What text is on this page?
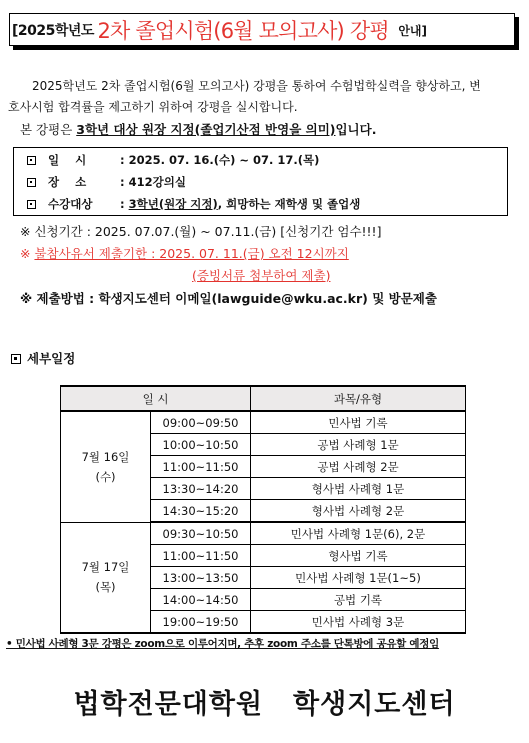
[2025학년도 2차 졸업시험(6월 모의고사) 강평 안내]
2025학년도 2차 졸업시험(6월 모의고사) 강평을 통하여 수험법학실력을 향상하고, 변
호사시험 합격률을 제고하기 위하여 강평을 실시합니다.
본 강평은 3학년 대상 원장 지정(졸업기산점 반영을 의미)입니다.
일 시 : 2025. 07. 16.(수) ~ 07. 17.(목)
장 소 : 412강의실
수강대상 : 3학년(원장 지정), 희망하는 재학생 및 졸업생
※ 신청기간 : 2025. 07.07.(월) ~ 07.11.(금) [신청기간 엄수!!!]
※ 불참사유서 제출기한 : 2025. 07. 11.(금) 오전 12시까지
(증빙서류 첨부하여 제출)
※ 제출방법 : 학생지도센터 이메일(lawguide@wku.ac.kr) 및 방문제출
세부일정
일 시		과목/유형

7월 16일
(수)	09:00~09:50	민사법 기록
	10:00~10:50	공법 사례형 1문
	11:00~11:50	공법 사례형 2문
	13:30~14:20	형사법 사례형 1문
	14:30~15:20	형사법 사례형 2문

7월 17일
(목)	09:30~10:50	민사법 사례형 1문(6), 2문
	11:00~11:50	형사법 기록
	13:00~13:50	민사법 사례형 1문(1~5)
	14:00~14:50	공법 기록
	19:00~19:50	민사법 사례형 3문
• 민사법 사례형 3문 강평은 zoom으로 이루어지며, 추후 zoom 주소를 단톡방에 공유할 예정임
법학전문대학원 학생지도센터
